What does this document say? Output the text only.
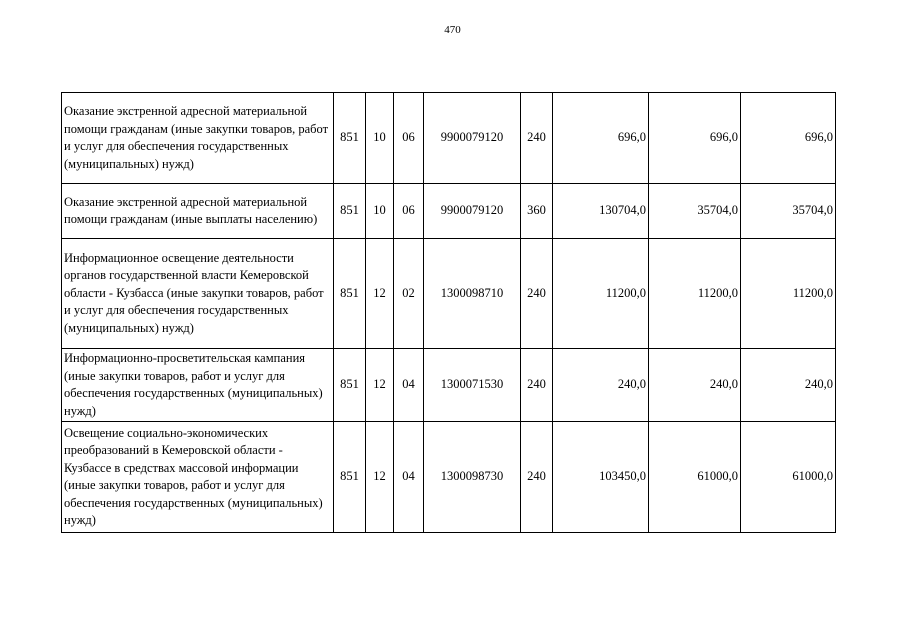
470
Оказание экстренной адресной материальной помощи гражданам (иные закупки товаров, работ и услуг для обеспечения государственных (муниципальных) нужд)	851	10	06	9900079120	240	696,0	696,0	696,0
Оказание экстренной адресной материальной помощи гражданам (иные выплаты населению)	851	10	06	9900079120	360	130704,0	35704,0	35704,0
Информационное освещение деятельности органов государственной власти Кемеровской области - Кузбасса (иные закупки товаров, работ и услуг для обеспечения государственных (муниципальных) нужд)	851	12	02	1300098710	240	11200,0	11200,0	11200,0
Информационно-просветительская кампания (иные закупки товаров, работ и услуг для обеспечения государственных (муниципальных) нужд)	851	12	04	1300071530	240	240,0	240,0	240,0
Освещение социально-экономических преобразований в Кемеровской области - Кузбассе в средствах массовой информации (иные закупки товаров, работ и услуг для обеспечения государственных (муниципальных) нужд)	851	12	04	1300098730	240	103450,0	61000,0	61000,0
